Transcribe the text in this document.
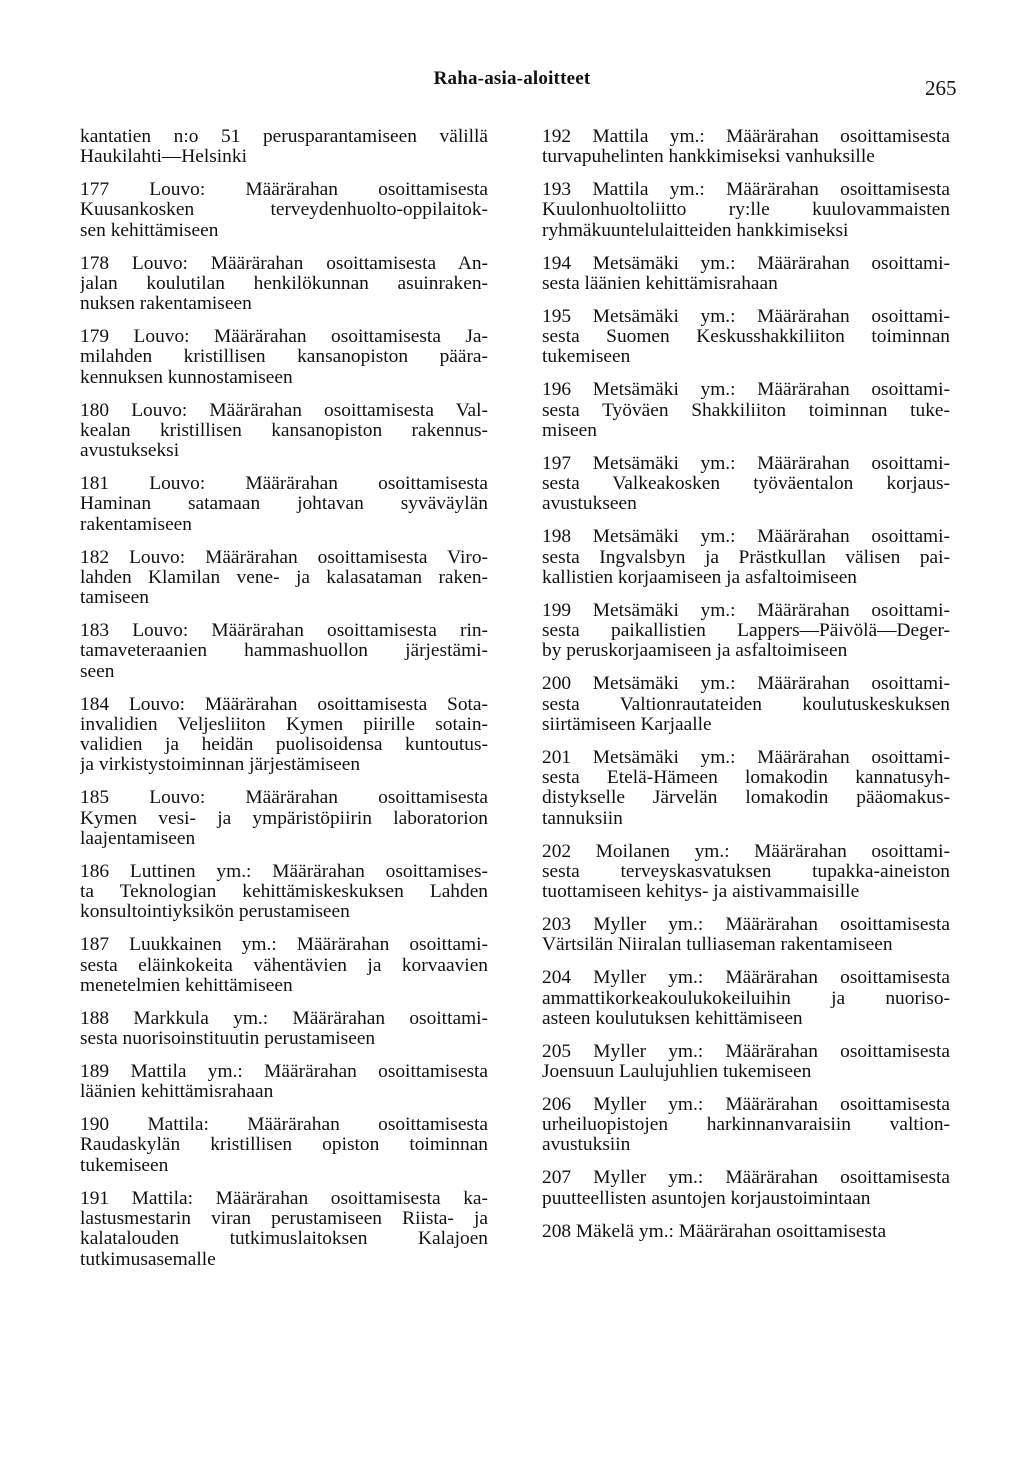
Raha-asia-aloitteet	265
kantatien n:o 51 perusparantamiseen välillä
Haukilahti—Helsinki
177 Louvo: Määrärahan osoittamisesta
Kuusankosken terveydenhuolto-oppilaitok-
sen kehittämiseen
178 Louvo: Määrärahan osoittamisesta An-
jalan koulutilan henkilökunnan asuinraken-
nuksen rakentamiseen
179 Louvo: Määrärahan osoittamisesta Ja-
milahden kristillisen kansanopiston päära-
kennuksen kunnostamiseen
180 Louvo: Määrärahan osoittamisesta Val-
kealan kristillisen kansanopiston rakennus-
avustukseksi
181 Louvo: Määrärahan osoittamisesta
Haminan satamaan johtavan syväväylän
rakentamiseen
182 Louvo: Määrärahan osoittamisesta Viro-
lahden Klamilan vene- ja kalasataman raken-
tamiseen
183 Louvo: Määrärahan osoittamisesta rin-
tamaveteraanien hammashuollon järjestämi-
seen
184 Louvo: Määrärahan osoittamisesta Sota-
invalidien Veljesliiton Kymen piirille sotain-
validien ja heidän puolisoidensa kuntoutus-
ja virkistystoiminnan järjestämiseen
185 Louvo: Määrärahan osoittamisesta
Kymen vesi- ja ympäristöpiirin laboratorion
laajentamiseen
186 Luttinen ym.: Määrärahan osoittamises-
ta Teknologian kehittämiskeskuksen Lahden
konsultointiyksikön perustamiseen
187 Luukkainen ym.: Määrärahan osoittami-
sesta eläinkokeita vähentävien ja korvaavien
menetelmien kehittämiseen
188 Markkula ym.: Määrärahan osoittami-
sesta nuorisoinstituutin perustamiseen
189 Mattila ym.: Määrärahan osoittamisesta
läänien kehittämisrahaan
190 Mattila: Määrärahan osoittamisesta
Raudaskylän kristillisen opiston toiminnan
tukemiseen
191 Mattila: Määrärahan osoittamisesta ka-
lastusmestarin viran perustamiseen Riista- ja
kalatalouden tutkimuslaitoksen Kalajoen
tutkimusasemalle
192 Mattila ym.: Määrärahan osoittamisesta
turvapuhelinten hankkimiseksi vanhuksille
193 Mattila ym.: Määrärahan osoittamisesta
Kuulonhuoltoliitto ry:lle kuulovammaisten
ryhmäkuuntelulaitteiden hankkimiseksi
194 Metsämäki ym.: Määrärahan osoittami-
sesta läänien kehittämisrahaan
195 Metsämäki ym.: Määrärahan osoittami-
sesta Suomen Keskusshakkiliiton toiminnan
tukemiseen
196 Metsämäki ym.: Määrärahan osoittami-
sesta Työväen Shakkiliiton toiminnan tuke-
miseen
197 Metsämäki ym.: Määrärahan osoittami-
sesta Valkeakosken työväentalon korjaus-
avustukseen
198 Metsämäki ym.: Määrärahan osoittami-
sesta Ingvalsbyn ja Prästkullan välisen pai-
kallistien korjaamiseen ja asfaltoimiseen
199 Metsämäki ym.: Määrärahan osoittami-
sesta paikallistien Lappers—Päivölä—Deger-
by peruskorjaamiseen ja asfaltoimiseen
200 Metsämäki ym.: Määrärahan osoittami-
sesta Valtionrautateiden koulutuskeskuksen
siirtämiseen Karjaalle
201 Metsämäki ym.: Määrärahan osoittami-
sesta Etelä-Hämeen lomakodin kannatusyh-
distykselle Järvelän lomakodin pääomakus-
tannuksiin
202 Moilanen ym.: Määrärahan osoittami-
sesta terveyskasvatuksen tupakka-aineiston
tuottamiseen kehitys- ja aistivammaisille
203 Myller ym.: Määrärahan osoittamisesta
Värtsilän Niiralan tulliaseman rakentamiseen
204 Myller ym.: Määrärahan osoittamisesta
ammattikorkeakoulukokeiluihin ja nuoriso-
asteen koulutuksen kehittämiseen
205 Myller ym.: Määrärahan osoittamisesta
Joensuun Laulujuhlien tukemiseen
206 Myller ym.: Määrärahan osoittamisesta
urheiluopistojen harkinnanvaraisiin valtion-
avustuksiin
207 Myller ym.: Määrärahan osoittamisesta
puutteellisten asuntojen korjaustoimintaan
208 Mäkelä ym.: Määrärahan osoittamisesta
